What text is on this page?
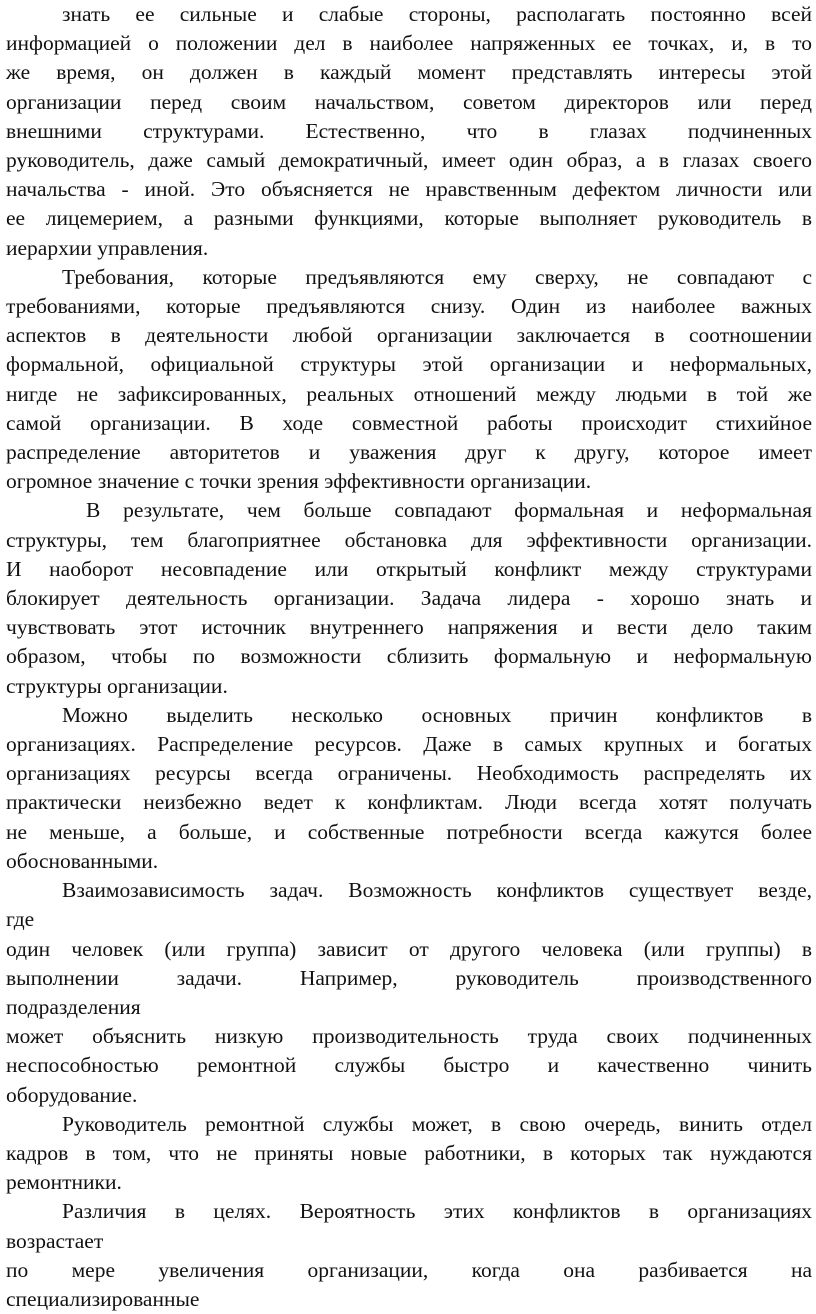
знать ее сильные и слабые стороны, располагать постоянно всей

информацией о положении дел в наиболее напряженных ее точках, и, в то

же время, он должен в каждый момент представлять интересы этой

организации перед своим начальством, советом директоров или перед

внешними структурами. Естественно, что в глазах подчиненных

руководитель, даже самый демократичный, имеет один образ, а в глазах своего

начальства - иной. Это объясняется не нравственным дефектом личности или

ее лицемерием, а разными функциями, которые выполняет руководитель в

иерархии управления.

Требования, которые предъявляются ему сверху, не совпадают с

требованиями, которые предъявляются снизу. Один из наиболее важных

аспектов в деятельности любой организации заключается в соотношении

формальной, официальной структуры этой организации и неформальных,

нигде не зафиксированных, реальных отношений между людьми в той же

самой организации. В ходе совместной работы происходит стихийное

распределение авторитетов и уважения друг к другу, которое имеет

огромное значение с точки зрения эффективности организации.

В результате, чем больше совпадают формальная и неформальная

структуры, тем благоприятнее обстановка для эффективности организации.

И наоборот несовпадение или открытый конфликт между структурами

блокирует деятельность организации. Задача лидера - хорошо знать и

чувствовать этот источник внутреннего напряжения и вести дело таким

образом, чтобы по возможности сблизить формальную и неформальную

структуры организации.

Можно выделить несколько основных причин конфликтов в

организациях. Распределение ресурсов. Даже в самых крупных и богатых

организациях ресурсы всегда ограничены. Необходимость распределять их

практически неизбежно ведет к конфликтам. Люди всегда хотят получать

не меньше, а больше, и собственные потребности всегда кажутся более

обоснованными.

Взаимозависимость задач. Возможность конфликтов существует везде,

где

один человек (или группа) зависит от другого человека (или группы) в

выполнении задачи. Например, руководитель производственного

подразделения

может объяснить низкую производительность труда своих подчиненных

неспособностью ремонтной службы быстро и качественно чинить

оборудование.

Руководитель ремонтной службы может, в свою очередь, винить отдел

кадров в том, что не приняты новые работники, в которых так нуждаются

ремонтники.

Различия в целях. Вероятность этих конфликтов в организациях

возрастает

по мере увеличения организации, когда она разбивается на

специализированные
